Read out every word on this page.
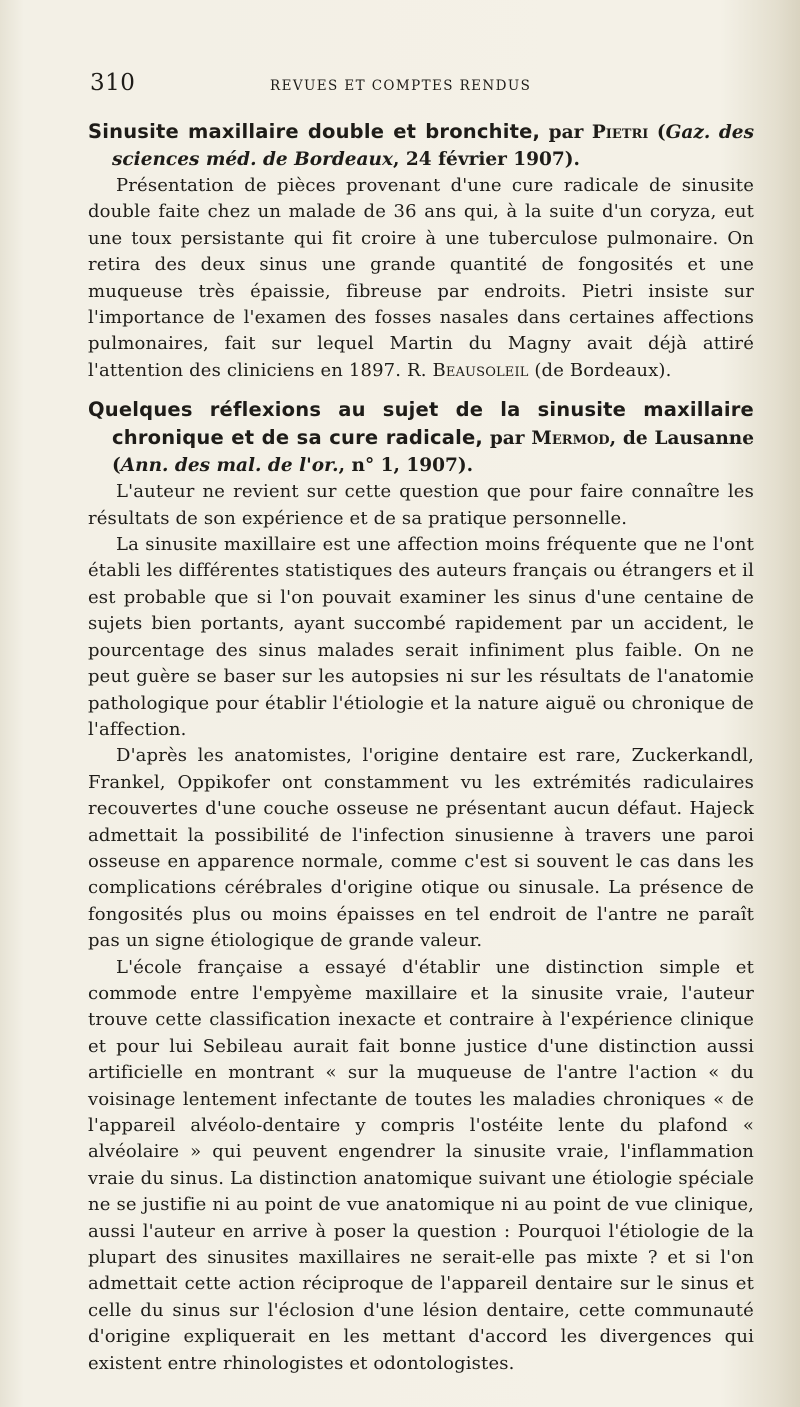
310	REVUES ET COMPTES RENDUS
Sinusite maxillaire double et bronchite, par Pietri (Gaz. des sciences méd. de Bordeaux, 24 février 1907).

Présentation de pièces provenant d'une cure radicale de sinusite double faite chez un malade de 36 ans qui, à la suite d'un coryza, eut une toux persistante qui fit croire à une tuberculose pulmonaire. On retira des deux sinus une grande quantité de fongosités et une muqueuse très épaissie, fibreuse par endroits. Pietri insiste sur l'importance de l'examen des fosses nasales dans certaines affections pulmonaires, fait sur lequel Martin du Magny avait déjà attiré l'attention des cliniciens en 1897. R. Beausoleil (de Bordeaux).

Quelques réflexions au sujet de la sinusite maxillaire chronique et de sa cure radicale, par Mermod, de Lausanne (Ann. des mal. de l'or., n° 1, 1907).

L'auteur ne revient sur cette question que pour faire connaître les résultats de son expérience et de sa pratique personnelle.

La sinusite maxillaire est une affection moins fréquente que ne l'ont établi les différentes statistiques des auteurs français ou étrangers et il est probable que si l'on pouvait examiner les sinus d'une centaine de sujets bien portants, ayant succombé rapidement par un accident, le pourcentage des sinus malades serait infiniment plus faible. On ne peut guère se baser sur les autopsies ni sur les résultats de l'anatomie pathologique pour établir l'étiologie et la nature aiguë ou chronique de l'affection.

D'après les anatomistes, l'origine dentaire est rare, Zuckerkandl, Frankel, Oppikofer ont constamment vu les extrémités radiculaires recouvertes d'une couche osseuse ne présentant aucun défaut. Hajeck admettait la possibilité de l'infection sinusienne à travers une paroi osseuse en apparence normale, comme c'est si souvent le cas dans les complications cérébrales d'origine otique ou sinusale. La présence de fongosités plus ou moins épaisses en tel endroit de l'antre ne paraît pas un signe étiologique de grande valeur.

L'école française a essayé d'établir une distinction simple et commode entre l'empyème maxillaire et la sinusite vraie, l'auteur trouve cette classification inexacte et contraire à l'expérience clinique et pour lui Sebileau aurait fait bonne justice d'une distinction aussi artificielle en montrant « sur la muqueuse de l'antre l'action « du voisinage lentement infectante de toutes les maladies chroniques « de l'appareil alvéolo-dentaire y compris l'ostéite lente du plafond « alvéolaire » qui peuvent engendrer la sinusite vraie, l'inflammation vraie du sinus. La distinction anatomique suivant une étiologie spéciale ne se justifie ni au point de vue anatomique ni au point de vue clinique, aussi l'auteur en arrive à poser la question : Pourquoi l'étiologie de la plupart des sinusites maxillaires ne serait-elle pas mixte ? et si l'on admettait cette action réciproque de l'appareil dentaire sur le sinus et celle du sinus sur l'éclosion d'une lésion dentaire, cette communauté d'origine expliquerait en les mettant d'accord les divergences qui existent entre rhinologistes et odontologistes.
